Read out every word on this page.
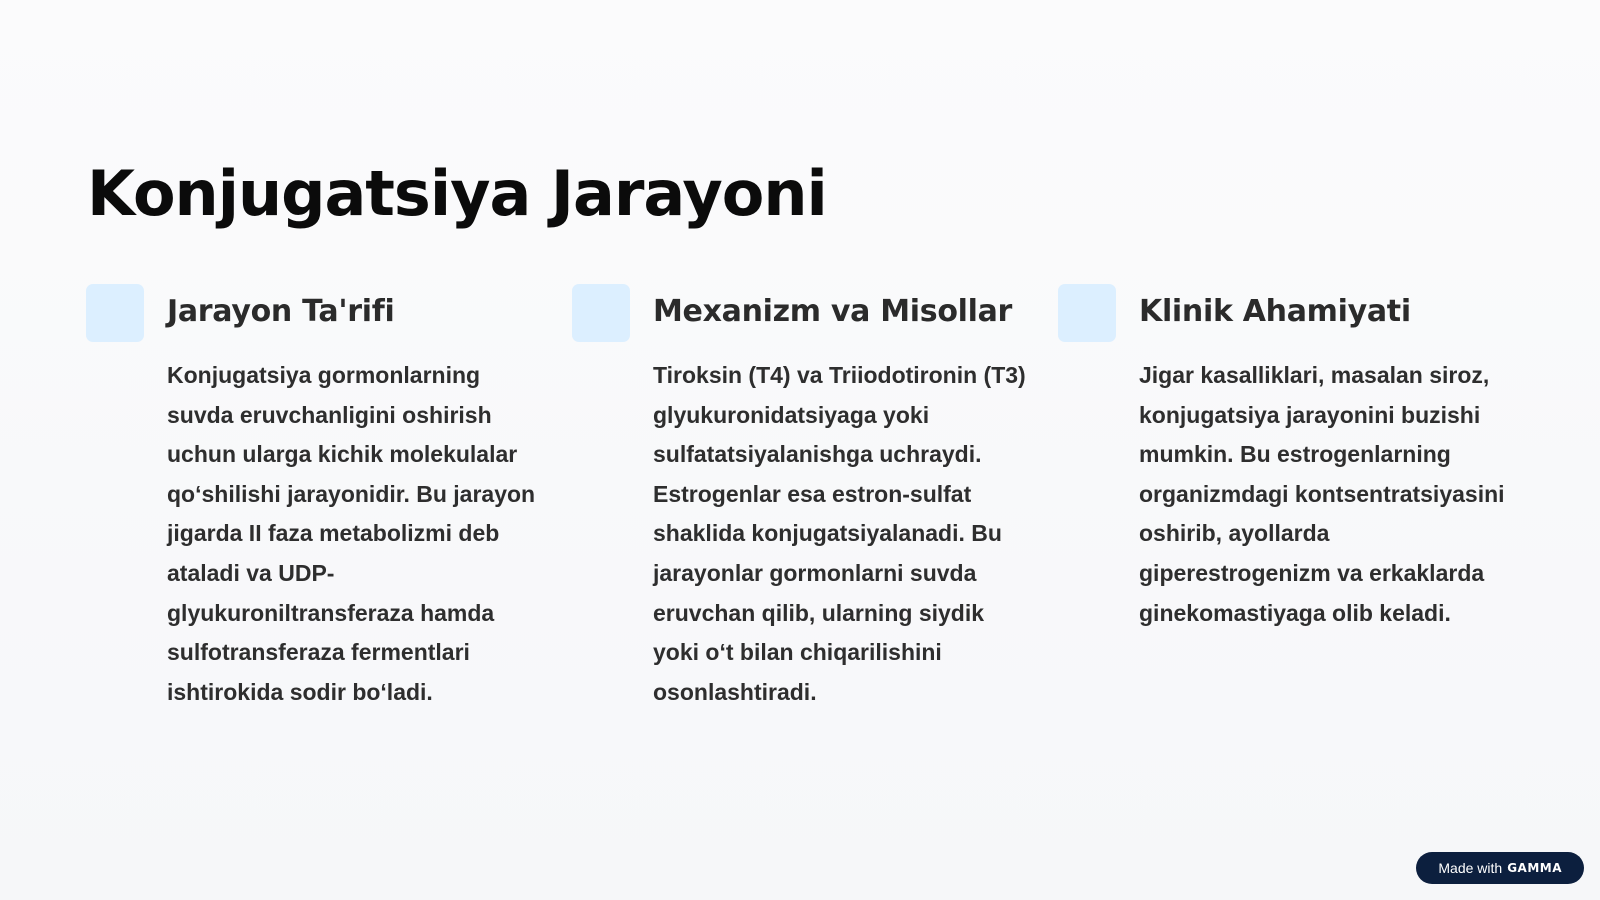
Konjugatsiya Jarayoni
Jarayon Ta'rifi

Konjugatsiya gormonlarning suvda eruvchanligini oshirish uchun ularga kichik molekulalar qo‘shilishi jarayonidir. Bu jarayon jigarda II faza metabolizmi deb ataladi va UDP-glyukuroniltransferaza hamda sulfotransferaza fermentlari ishtirokida sodir bo‘ladi.

Mexanizm va Misollar

Tiroksin (T4) va Triiodotironin (T3) glyukuronidatsiyaga yoki sulfatatsiyalanishga uchraydi. Estrogenlar esa estron-sulfat shaklida konjugatsiyalanadi. Bu jarayonlar gormonlarni suvda eruvchan qilib, ularning siydik yoki o‘t bilan chiqarilishini osonlashtiradi.

Klinik Ahamiyati

Jigar kasalliklari, masalan siroz, konjugatsiya jarayonini buzishi mumkin. Bu estrogenlarning organizmdagi kontsentratsiyasini oshirib, ayollarda giperestrogenizm va erkaklarda ginekomastiyaga olib keladi.

Made with GAMMA
